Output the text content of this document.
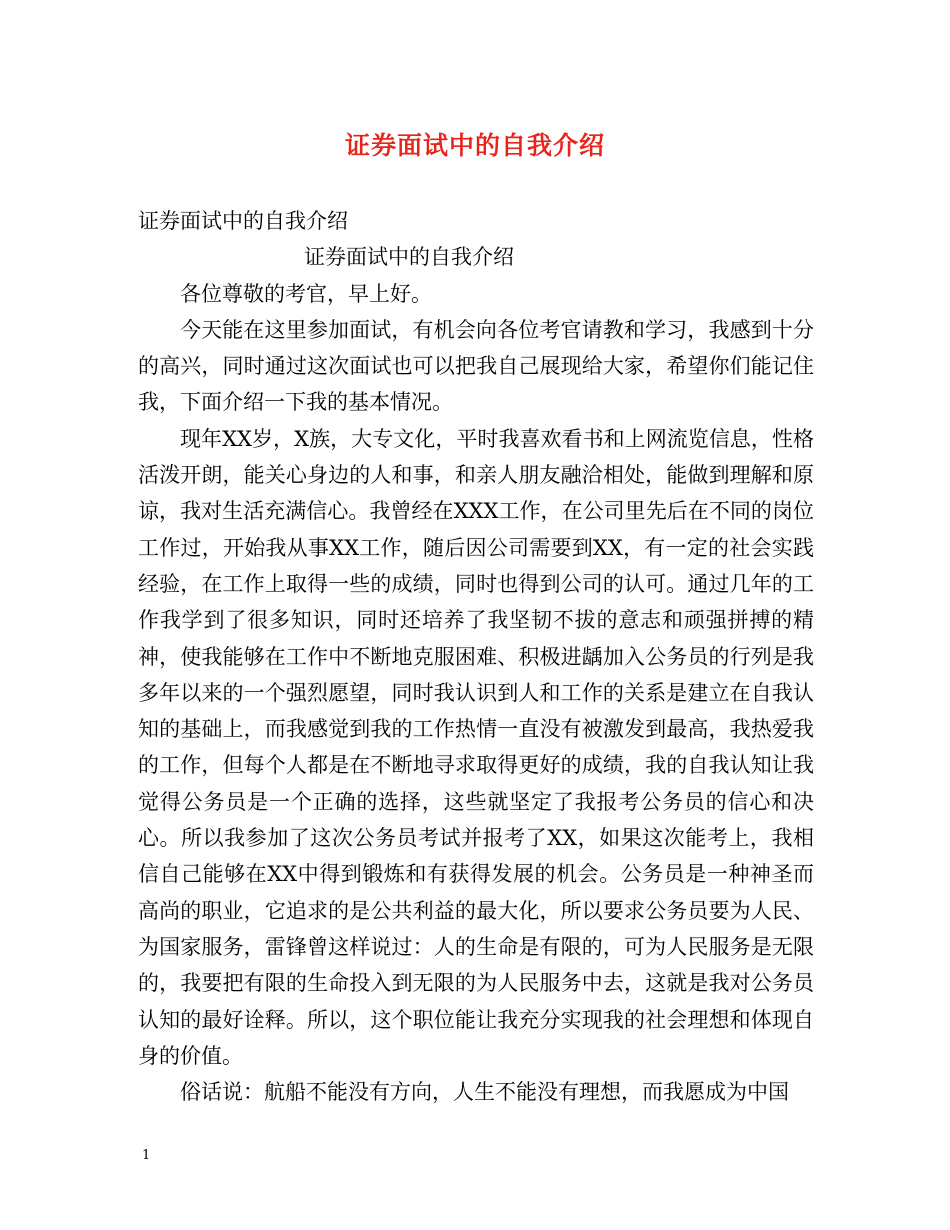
证券面试中的自我介绍

证券面试中的自我介绍

证券面试中的自我介绍

各位尊敬的考官，早上好。

今天能在这里参加面试，有机会向各位考官请教和学习，我感到十分的高兴，同时通过这次面试也可以把我自己展现给大家，希望你们能记住我，下面介绍一下我的基本情况。

现年XX岁，X族，大专文化，平时我喜欢看书和上网流览信息，性格活泼开朗，能关心身边的人和事，和亲人朋友融洽相处，能做到理解和原谅，我对生活充满信心。我曾经在XXX工作，在公司里先后在不同的岗位工作过，开始我从事XX工作，随后因公司需要到XX，有一定的社会实践经验，在工作上取得一些的成绩，同时也得到公司的认可。通过几年的工作我学到了很多知识，同时还培养了我坚韧不拔的意志和顽强拼搏的精神，使我能够在工作中不断地克服困难、积极进龋加入公务员的行列是我多年以来的一个强烈愿望，同时我认识到人和工作的关系是建立在自我认知的基础上，而我感觉到我的工作热情一直没有被激发到最高，我热爱我的工作，但每个人都是在不断地寻求取得更好的成绩，我的自我认知让我觉得公务员是一个正确的选择，这些就坚定了我报考公务员的信心和决心。所以我参加了这次公务员考试并报考了XX，如果这次能考上，我相信自己能够在XX中得到锻炼和有获得发展的机会。公务员是一种神圣而高尚的职业，它追求的是公共利益的最大化，所以要求公务员要为人民、为国家服务，雷锋曾这样说过：人的生命是有限的，可为人民服务是无限的，我要把有限的生命投入到无限的为人民服务中去，这就是我对公务员认知的最好诠释。所以，这个职位能让我充分实现我的社会理想和体现自身的价值。

俗话说：航船不能没有方向，人生不能没有理想，而我愿成为中国

1
